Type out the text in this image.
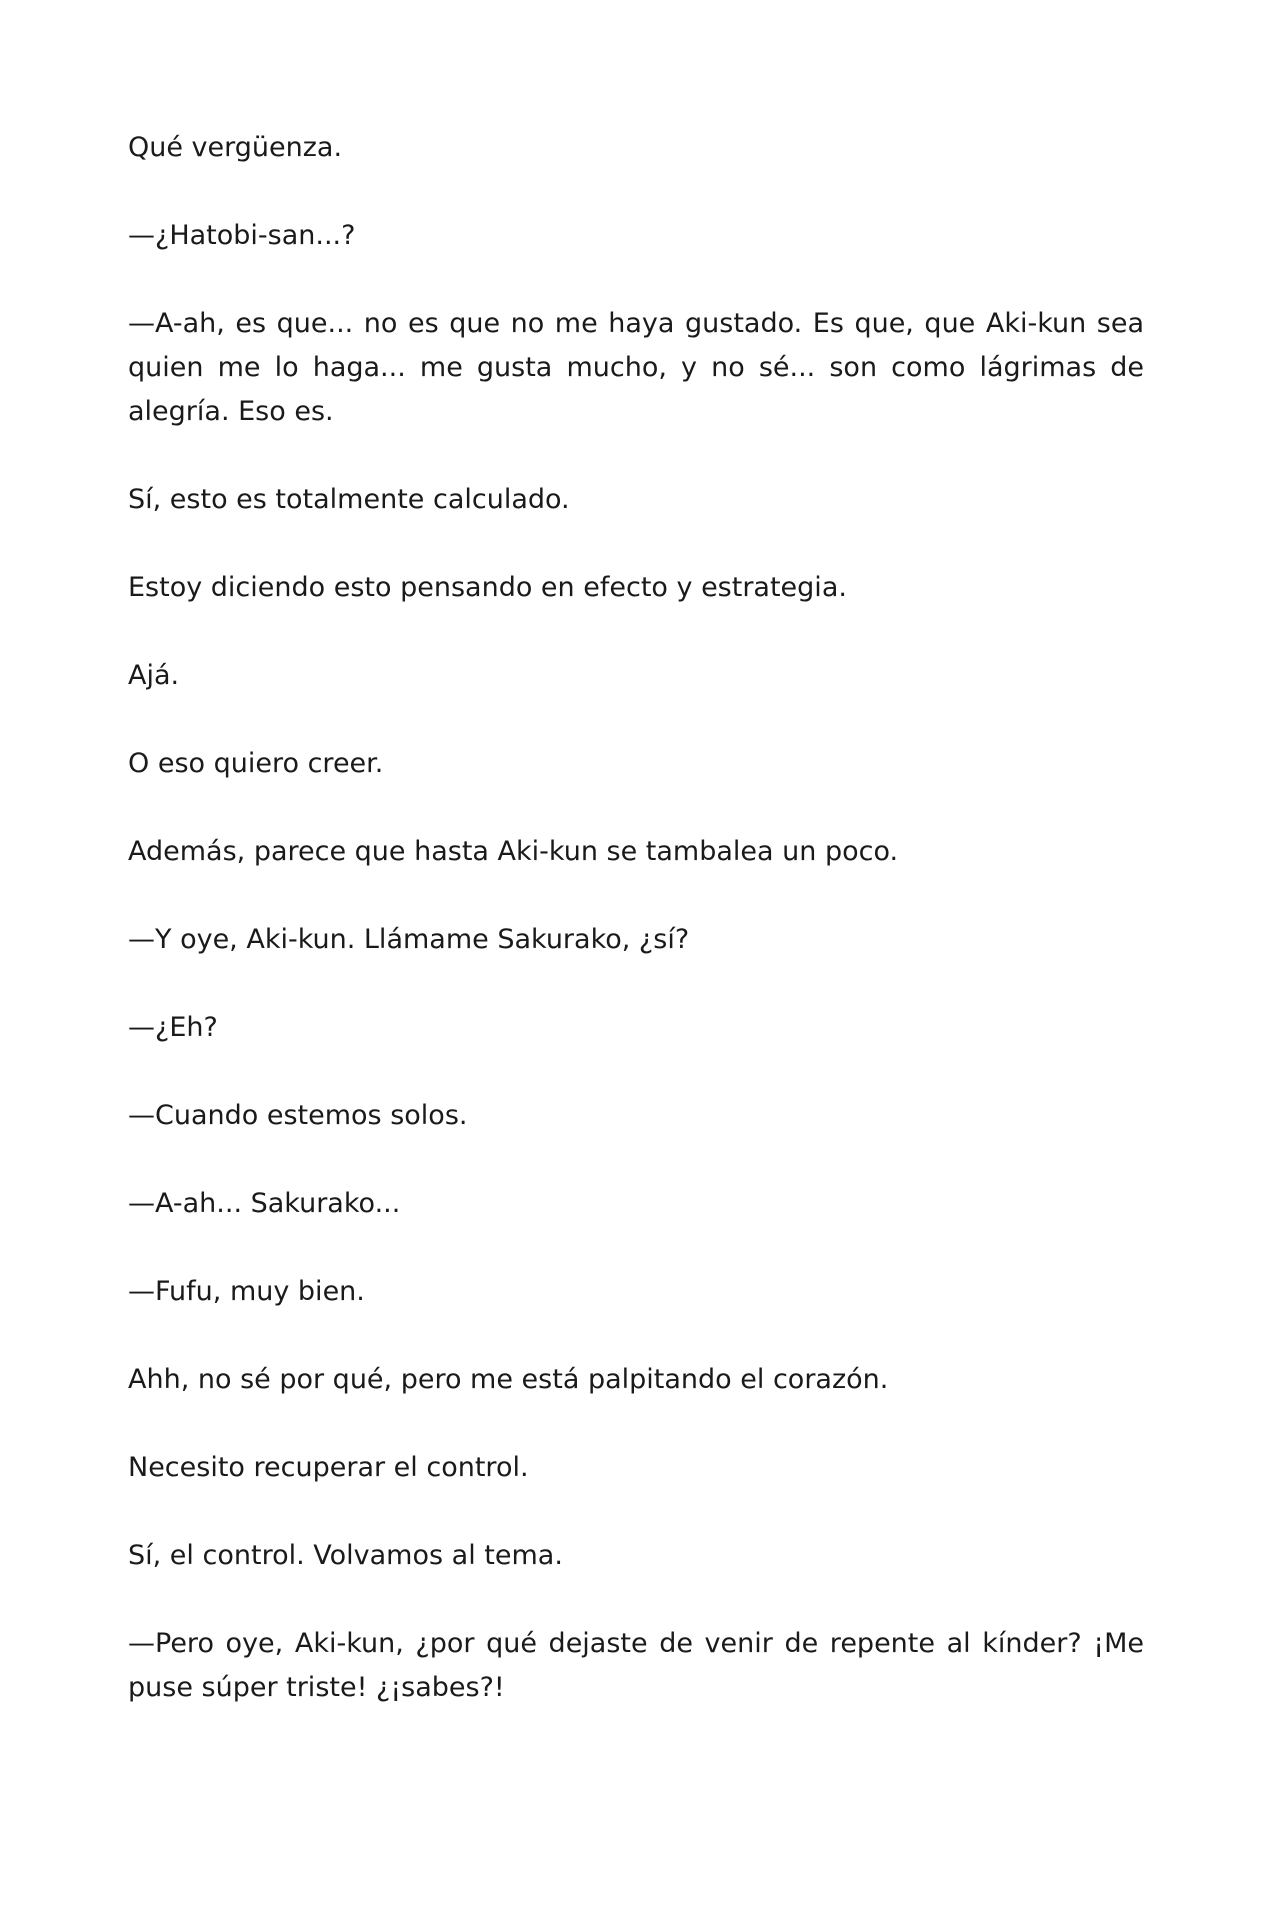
Qué vergüenza.

—¿Hatobi-san...?

—A-ah, es que... no es que no me haya gustado. Es que, que Aki-kun sea quien me lo haga... me gusta mucho, y no sé... son como lágrimas de alegría. Eso es.

Sí, esto es totalmente calculado.

Estoy diciendo esto pensando en efecto y estrategia.

Ajá.

O eso quiero creer.

Además, parece que hasta Aki-kun se tambalea un poco.

—Y oye, Aki-kun. Llámame Sakurako, ¿sí?

—¿Eh?

—Cuando estemos solos.

—A-ah... Sakurako...

—Fufu, muy bien.

Ahh, no sé por qué, pero me está palpitando el corazón.

Necesito recuperar el control.

Sí, el control. Volvamos al tema.

—Pero oye, Aki-kun, ¿por qué dejaste de venir de repente al kínder? ¡Me puse súper triste! ¿¡sabes?!
